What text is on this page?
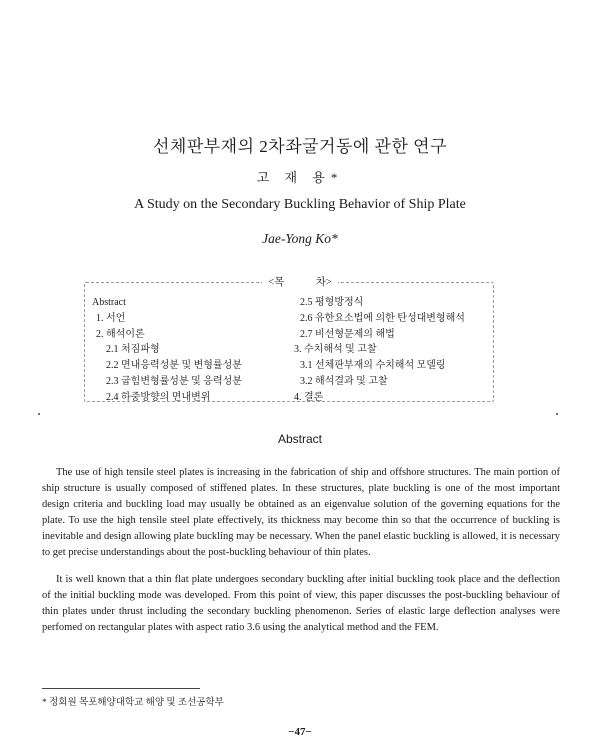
선체판부재의 2차좌굴거동에 관한 연구
고 재 용*
A Study on the Secondary Buckling Behavior of Ship Plate
Jae-Yong Ko*
<목　　　차>
Abstract
1. 서언
2. 해석이론
2.1 처짐파형
2.2 면내응력성분 및 변형률성분
2.3 굽힘변형률성분 및 응력성분
2.4 하중방향의 면내변위
2.5 평형방정식
2.6 유한요소법에 의한 탄성대변형해석
2.7 비선형문제의 해법
3. 수치해석 및 고찰
3.1 선체판부재의 수치해석 모델링
3.2 해석결과 및 고찰
4. 결론
Abstract
The use of high tensile steel plates is increasing in the fabrication of ship and offshore structures. The main portion of ship structure is usually composed of stiffened plates. In these structures, plate buckling is one of the most important design criteria and buckling load may usually be obtained as an eigenvalue solution of the governing equations for the plate. To use the high tensile steel plate effectively, its thickness may become thin so that the occurrence of buckling is inevitable and design allowing plate buckling may be necessary. When the panel elastic buckling is allowed, it is necessary to get precise understandings about the post-buckling behaviour of thin plates.
It is well known that a thin flat plate undergoes secondary buckling after initial buckling took place and the deflection of the initial buckling mode was developed. From this point of view, this paper discusses the post-buckling behaviour of thin plates under thrust including the secondary buckling phenomenon. Series of elastic large deflection analyses were perfomed on rectangular plates with aspect ratio 3.6 using the analytical method and the FEM.
* 정회원 목포해양대학교 해양 및 조선공학부
−47−
